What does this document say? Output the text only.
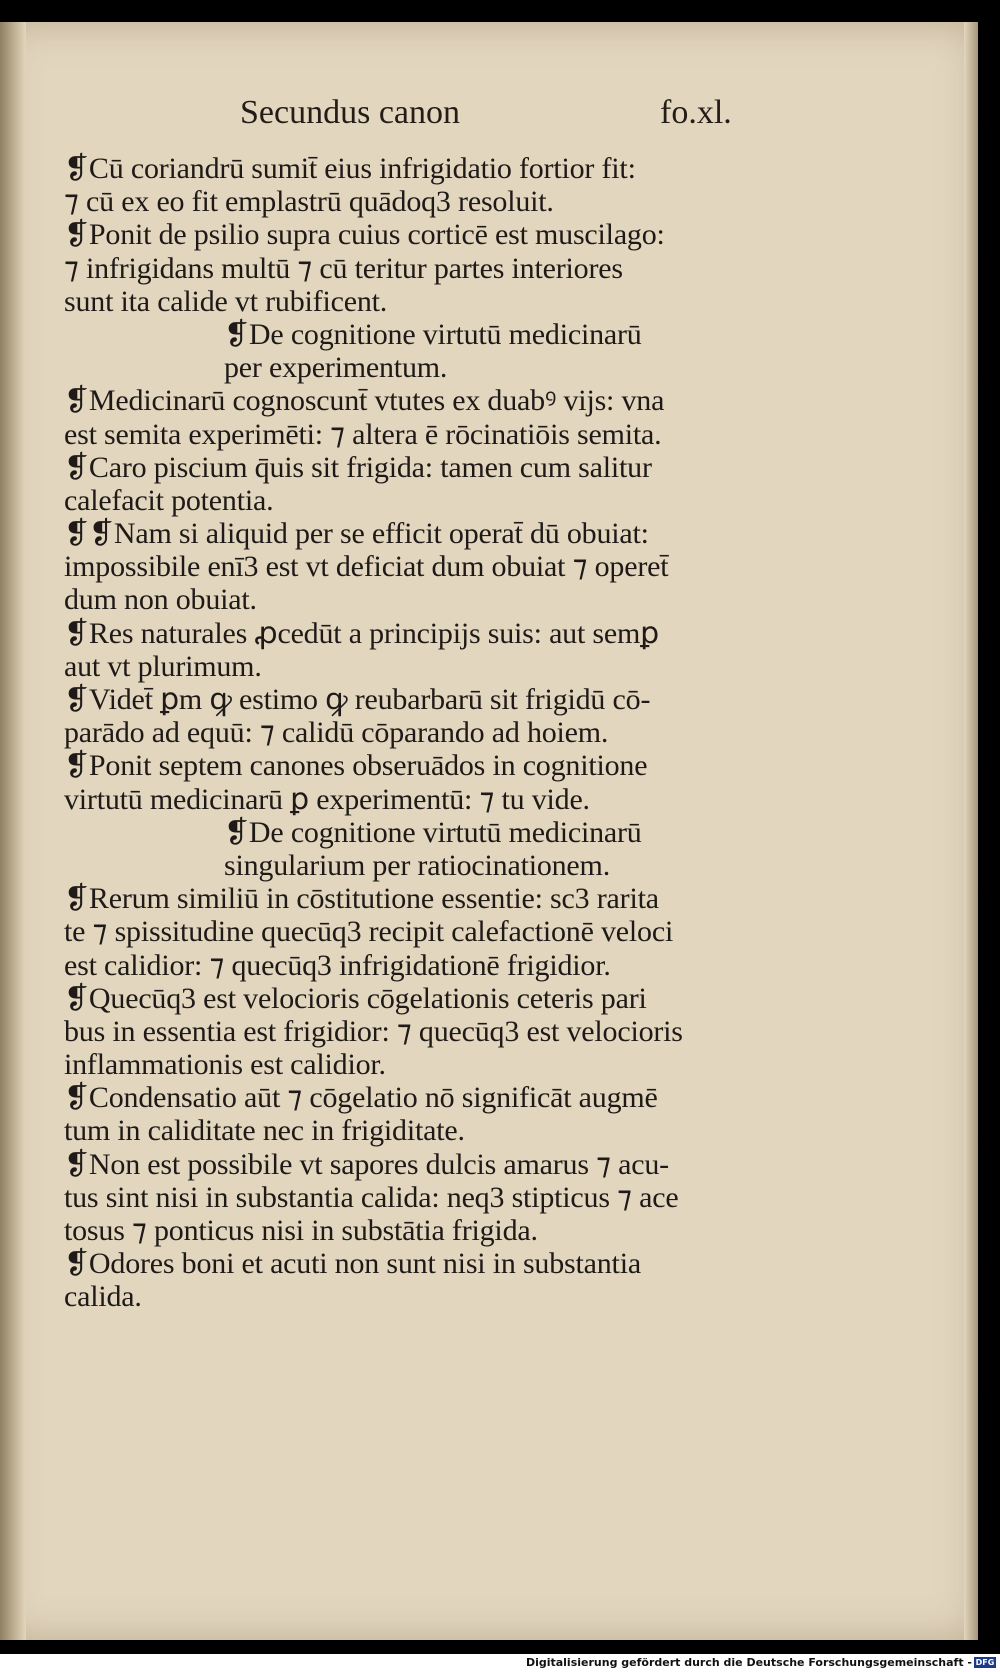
Secundus canon	fo.xl.
❡Cū coriandrū sumit̄ eius infrigidatio fortior fit:
⁊ cū ex eo fit emplastrū quādoq3 resoluit.
❡Ponit de psilio supra cuius corticē est muscilago:
⁊ infrigidans multū ⁊ cū teritur partes interiores
sunt ita calide vt rubificent.
❡De cognitione virtutū medicinarū
per experimentum.
❡Medicinarū cognoscunt̄ vtutes ex duabꝰ vijs: vna
est semita experimēti: ⁊ altera ē rōcinatiōis semita.
❡Caro piscium q̄uis sit frigida: tamen cum salitur
calefacit potentia.
❡❡Nam si aliquid per se efficit operat̄ dū obuiat:
impossibile enī3 est vt deficiat dum obuiat ⁊ operet̄
dum non obuiat.
❡Res naturales ꝓcedūt a principijs suis: aut semꝑ
aut vt plurimum.
❡Videt̄ ꝑm ꝙ estimo ꝙ reubarbarū sit frigidū cō-
parādo ad equū: ⁊ calidū cōparando ad hoiem.
❡Ponit septem canones obseruādos in cognitione
virtutū medicinarū ꝑ experimentū: ⁊ tu vide.
❡De cognitione virtutū medicinarū
singularium per ratiocinationem.
❡Rerum similiū in cōstitutione essentie: sc3 rarita
te ⁊ spissitudine quecūq3 recipit calefactionē veloci
est calidior: ⁊ quecūq3 infrigidationē frigidior.
❡Quecūq3 est velocioris cōgelationis ceteris pari
bus in essentia est frigidior: ⁊ quecūq3 est velocioris
inflammationis est calidior.
❡Condensatio aūt ⁊ cōgelatio nō significāt augmē
tum in caliditate nec in frigiditate.
❡Non est possibile vt sapores dulcis amarus ⁊ acu-
tus sint nisi in substantia calida: neq3 stipticus ⁊ ace
tosus ⁊ ponticus nisi in substātia frigida.
❡Odores boni et acuti non sunt nisi in substantia
calida.
Digitalisierung gefördert durch die Deutsche Forschungsgemeinschaft - DFG
